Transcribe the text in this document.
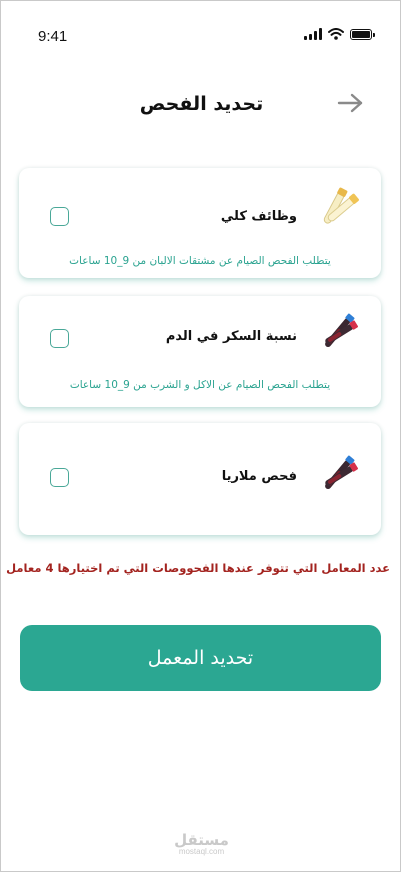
9:41
تحديد الفحص
وظائف كلي
يتطلب الفحص الصيام عن مشتقات الالبان من 9_10 ساعات
نسبة السكر في الدم
يتطلب الفحص الصيام عن الاكل و الشرب من 9_10 ساعات
فحص ملاريا
عدد المعامل التي تتوفر عندها الفحووصات التي تم اختيارها 4 معامل
تحديد المعمل
مستقل
mostaql.com
